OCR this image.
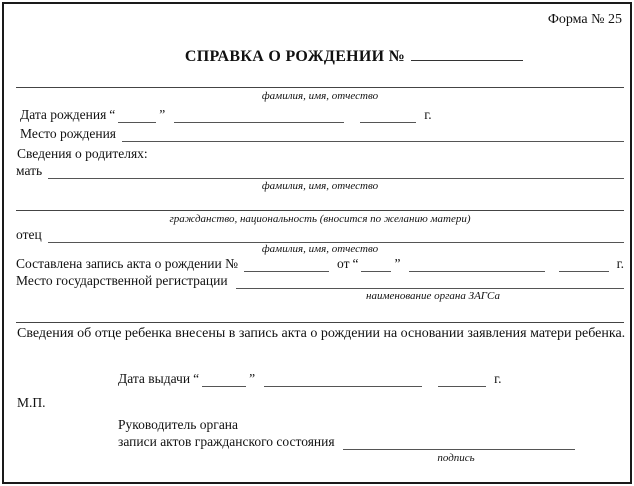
Форма № 25
СПРАВКА О РОЖДЕНИИ №
фамилия, имя, отчество
Дата рождения “	”	г.
Место рождения
Сведения о родителях:
мать
фамилия, имя, отчество
гражданство, национальность (вносится по желанию матери)
отец
фамилия, имя, отчество
Составлена запись акта о рождении №	от “	”	г.
Место государственной регистрации
наименование органа ЗАГСа
Сведения об отце ребенка внесены в запись акта о рождении на основании заявления матери ребенка.
Дата выдачи “	”	г.
М.П.
Руководитель органа
записи актов гражданского состояния
подпись
